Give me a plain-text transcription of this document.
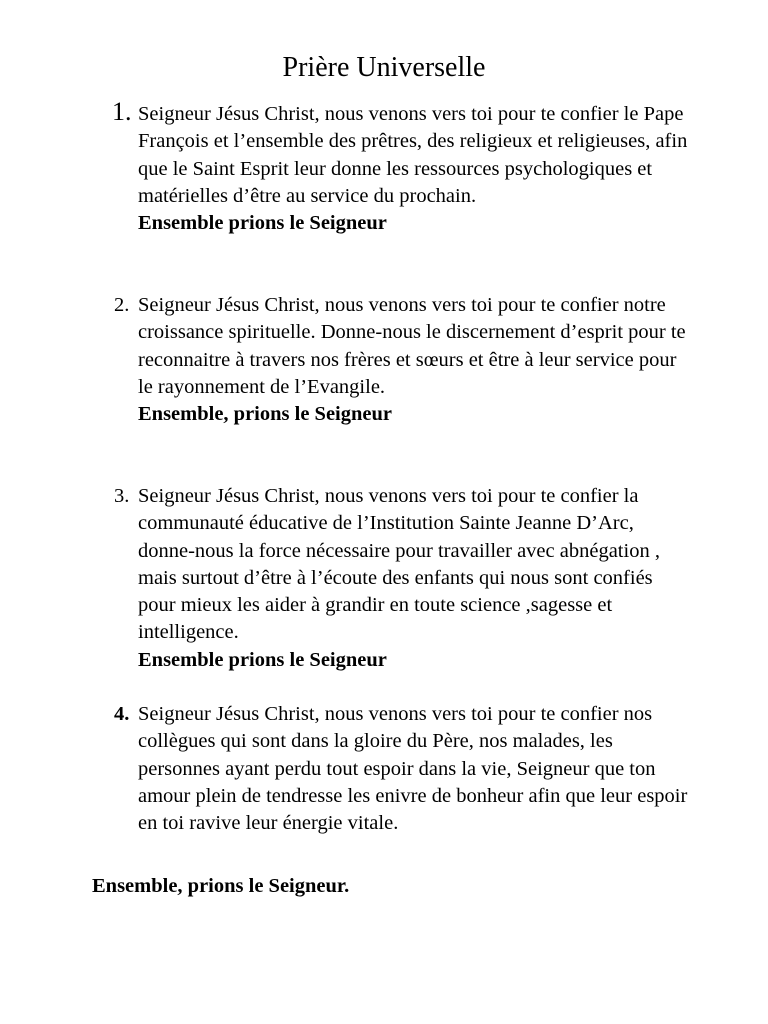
Prière Universelle
1. Seigneur Jésus Christ, nous venons vers toi pour te confier le Pape François et l’ensemble des prêtres, des religieux et religieuses, afin que le Saint Esprit leur donne les ressources psychologiques et matérielles d’être au service du prochain.
Ensemble prions le Seigneur
2. Seigneur Jésus Christ, nous venons vers toi pour te confier notre croissance spirituelle. Donne-nous le discernement d’esprit pour te reconnaitre à travers nos frères et sœurs et être à leur service pour le rayonnement de l’Evangile.
Ensemble, prions le Seigneur
3. Seigneur Jésus Christ, nous venons vers toi pour te confier la communauté éducative de l’Institution Sainte Jeanne D’Arc, donne-nous la force nécessaire pour travailler avec abnégation , mais surtout d’être à l’écoute des enfants qui nous sont confiés pour mieux les aider à grandir en toute science ,sagesse et intelligence.
Ensemble prions le Seigneur
4. Seigneur Jésus Christ, nous venons vers toi pour te confier nos collègues qui sont dans la gloire du Père, nos malades, les personnes ayant perdu tout espoir dans la vie, Seigneur que ton amour plein de tendresse les enivre de bonheur afin que leur espoir en toi ravive leur énergie vitale.
Ensemble, prions le Seigneur.
